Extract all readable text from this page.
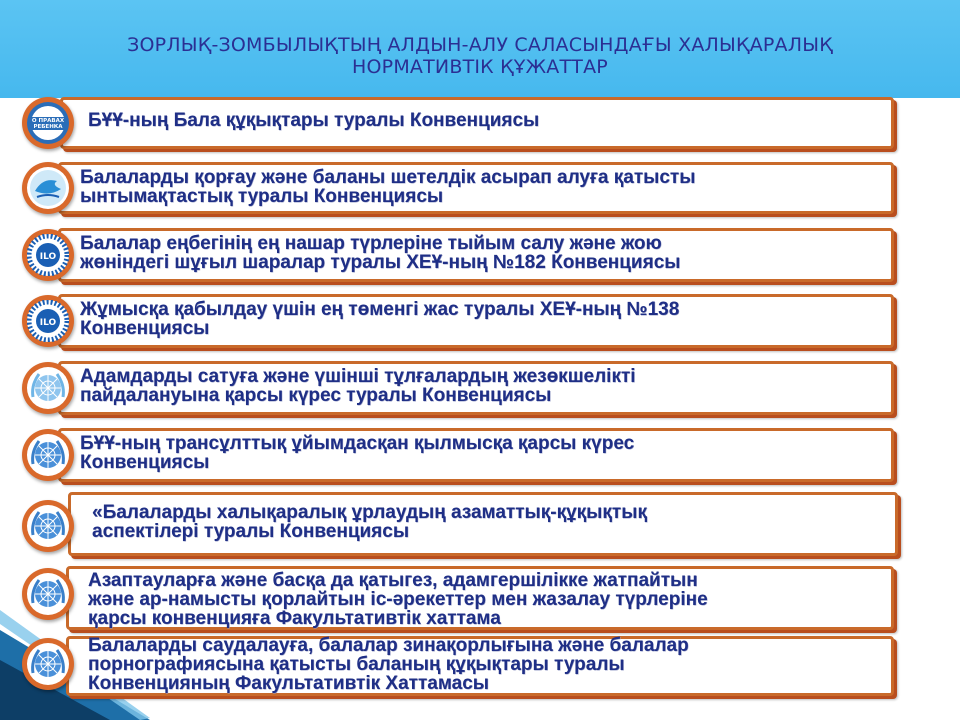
ЗОРЛЫҚ-ЗОМБЫЛЫҚТЫҢ АЛДЫН-АЛУ САЛАСЫНДАҒЫ ХАЛЫҚАРАЛЫҚ
НОРМАТИВТІК ҚҰЖАТТАР
О ПРАВАХ
РЕБЕНКА БҰҰ-ның Бала құқықтары туралы Конвенциясы
Балаларды қорғау және баланы шетелдік асырап алуға қатысты
ынтымақтастық туралы Конвенциясы
ILO
Балалар еңбегінің ең нашар түрлеріне тыйым салу және жою
жөніндегі шұғыл шаралар туралы ХЕҰ-ның №182 Конвенциясы
ILO
Жұмысқа қабылдау үшін ең төменгі жас туралы ХЕҰ-ның №138
Конвенциясы
Адамдарды сатуға және үшінші тұлғалардың жезөкшелікті
пайдалануына қарсы күрес туралы Конвенциясы
БҰҰ-ның трансұлттық ұйымдасқан қылмысқа қарсы күрес
Конвенциясы
«Балаларды халықаралық ұрлаудың азаматтық-құқықтық
аспектілері туралы Конвенциясы
Азаптауларға және басқа да қатыгез, адамгершілікке жатпайтын
және ар-намысты қорлайтын іс-әрекеттер мен жазалау түрлеріне
қарсы конвенцияға Факультативтік хаттама
Балаларды саудалауға, балалар зинақорлығына және балалар
порнографиясына қатысты баланың құқықтары туралы
Конвенцияның Факультативтік Хаттамасы
